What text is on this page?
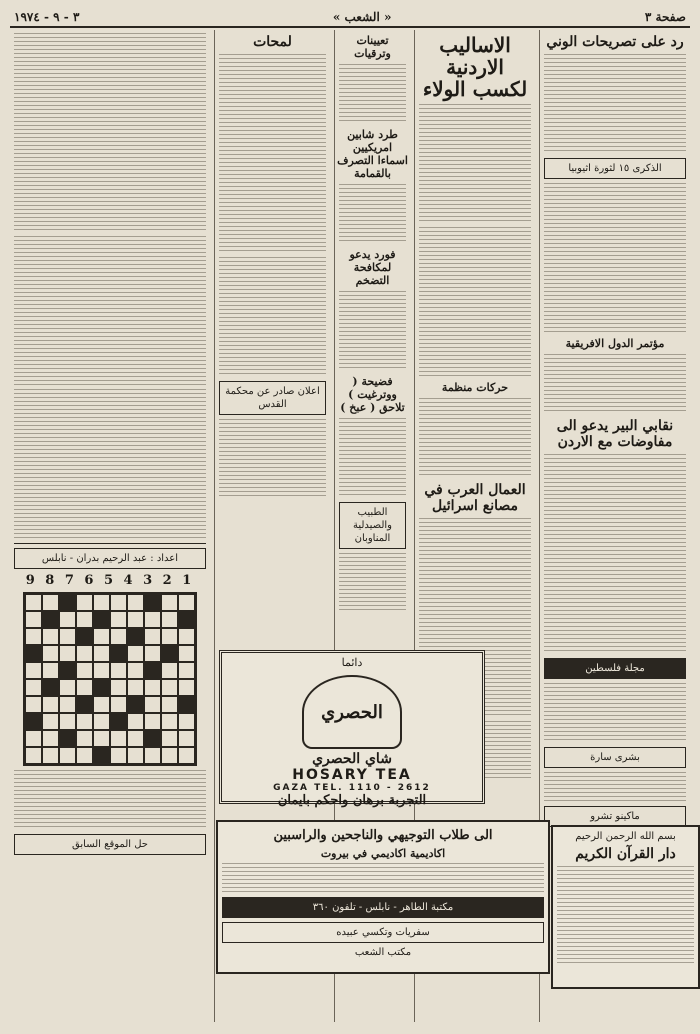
صفحة ٣
« الشعب »
٣ - ٩ - ١٩٧٤
رد على تصريحات الوني
الذكرى ١٥ لثورة اثيوبيا
مؤتمر الدول الافريقية
نقابي البير يدعو الى مفاوضات مع الاردن
مجلة فلسطين
بشرى سارة
ماكينو تشرو
الاساليب الاردنية لكسب الولاء
حركات منظمة
العمال العرب في مصانع اسرائيل
تعيينات وترقيات
طرد شابين امريكيين اسماءا التصرف بالقمامة
فورد يدعو لمكافحة التضخم
فضيحة ( ووترغيت ) تلاحق ( عبخ )
الطبيب والصيدلية المناوبان
لمحات
اعلان صادر عن محكمة القدس
اعداد : عبد الرحيم بدران - نابلس
9 8 7 6 5 4 3 2 1
حل الموقع السابق
دائما
الحصري
شاي الحصري
HOSARY TEA
GAZA TEL. 1110 - 2612
التجربة برهان واحكم بايمان
الى طلاب التوجيهي والناجحين والراسبين
اكاديمية اكاديمي في بيروت
مكتبة الطاهر - نابلس - تلفون ٣٦٠
سفريات وتكسي عبيده
مكتب الشعب
بسم الله الرحمن الرحيم
دار القرآن الكريم
